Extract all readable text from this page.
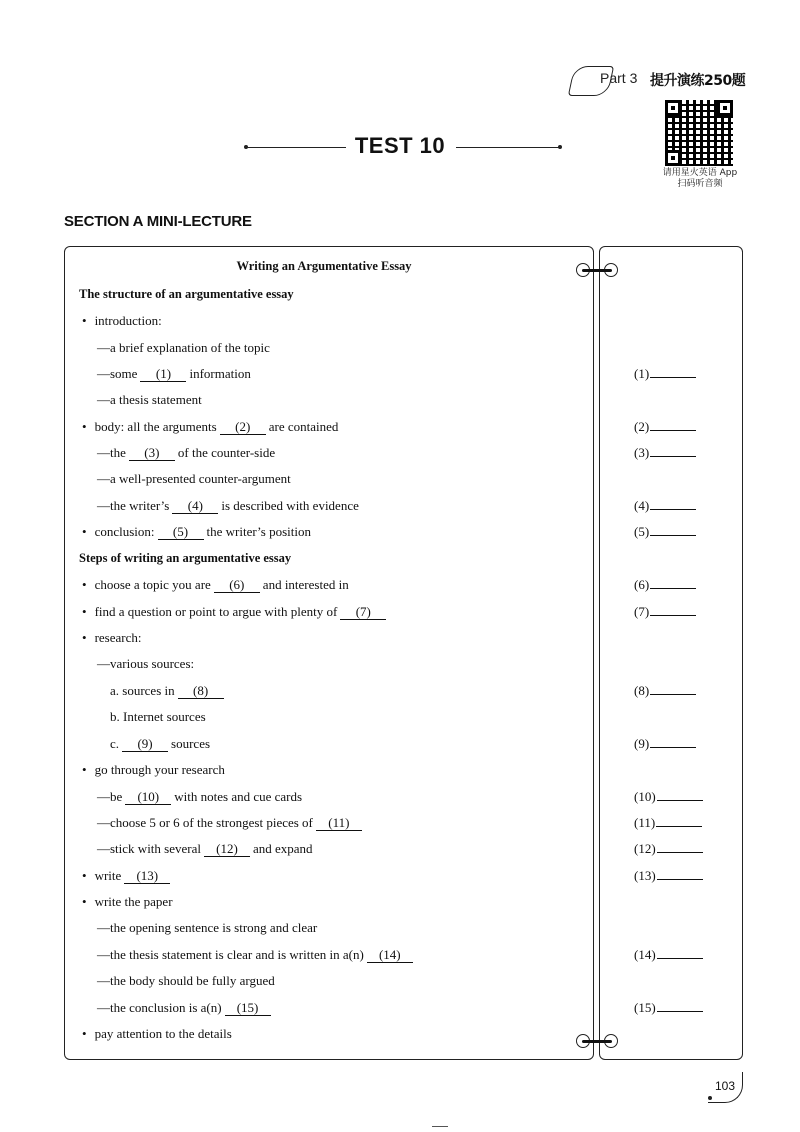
Part 3 提升演练250题
请用星火英语 App
扫码听音频
TEST 10
SECTION A MINI-LECTURE
Writing an Argumentative Essay
The structure of an argumentative essay
Steps of writing an argumentative essay
• introduction:
—a brief explanation of the topic
—some (1) information
—a thesis statement
• body: all the arguments (2) are contained
—the (3) of the counter-side
—a well-presented counter-argument
—the writer’s (4) is described with evidence
• conclusion: (5) the writer’s position
• choose a topic you are (6) and interested in
• find a question or point to argue with plenty of (7)
• research:
—various sources:
a. sources in (8)
b. Internet sources
c. (9) sources
• go through your research
—be (10) with notes and cue cards
—choose 5 or 6 of the strongest pieces of (11)
—stick with several (12) and expand
• write (13)
• write the paper
—the opening sentence is strong and clear
—the thesis statement is clear and is written in a(n) (14)
—the body should be fully argued
—the conclusion is a(n) (15)
• pay attention to the details
(1)
(2)
(3)
(4)
(5)
(6)
(7)
(8)
(9)
(10)
(11)
(12)
(13)
(14)
(15)
103
